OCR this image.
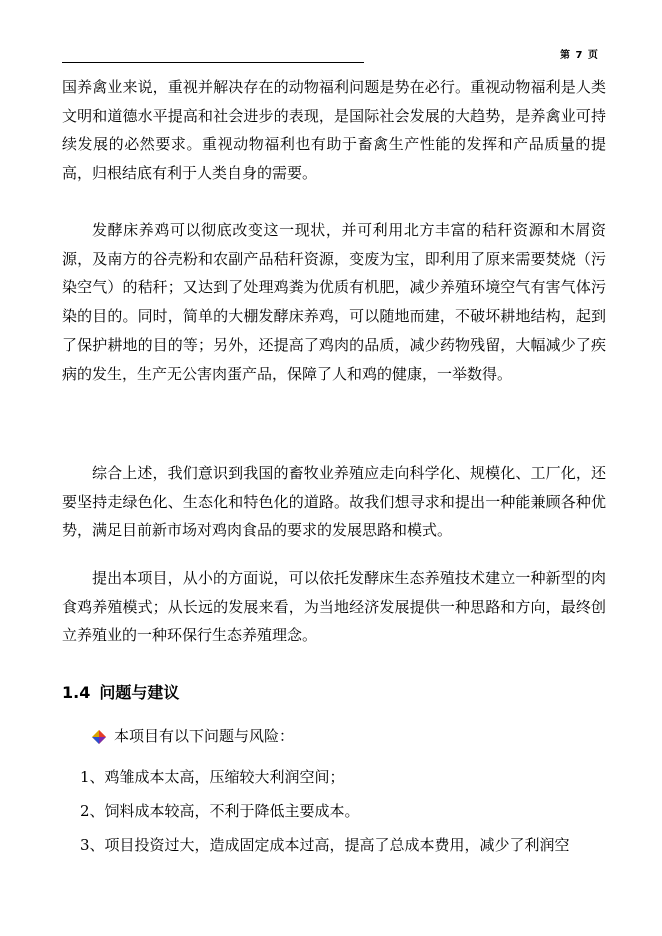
第 7 页

国养禽业来说，重视并解决存在的动物福利问题是势在必行。重视动物福利是人类文明和道德水平提高和社会进步的表现，是国际社会发展的大趋势，是养禽业可持续发展的必然要求。重视动物福利也有助于畜禽生产性能的发挥和产品质量的提高，归根结底有利于人类自身的需要。

发酵床养鸡可以彻底改变这一现状，并可利用北方丰富的秸秆资源和木屑资源，及南方的谷壳粉和农副产品秸秆资源，变废为宝，即利用了原来需要焚烧（污染空气）的秸秆；又达到了处理鸡粪为优质有机肥，减少养殖环境空气有害气体污染的目的。同时，简单的大棚发酵床养鸡，可以随地而建，不破坏耕地结构，起到了保护耕地的目的等；另外，还提高了鸡肉的品质，减少药物残留，大幅减少了疾病的发生，生产无公害肉蛋产品，保障了人和鸡的健康，一举数得。

综合上述，我们意识到我国的畜牧业养殖应走向科学化、规模化、工厂化，还要坚持走绿色化、生态化和特色化的道路。故我们想寻求和提出一种能兼顾各种优势，满足目前新市场对鸡肉食品的要求的发展思路和模式。

提出本项目，从小的方面说，可以依托发酵床生态养殖技术建立一种新型的肉食鸡养殖模式；从长远的发展来看，为当地经济发展提供一种思路和方向，最终创立养殖业的一种环保行生态养殖理念。

1.4 问题与建议
本项目有以下问题与风险：
1、鸡雏成本太高，压缩较大利润空间；
2、饲料成本较高，不利于降低主要成本。
3、项目投资过大，造成固定成本过高，提高了总成本费用，减少了利润空
